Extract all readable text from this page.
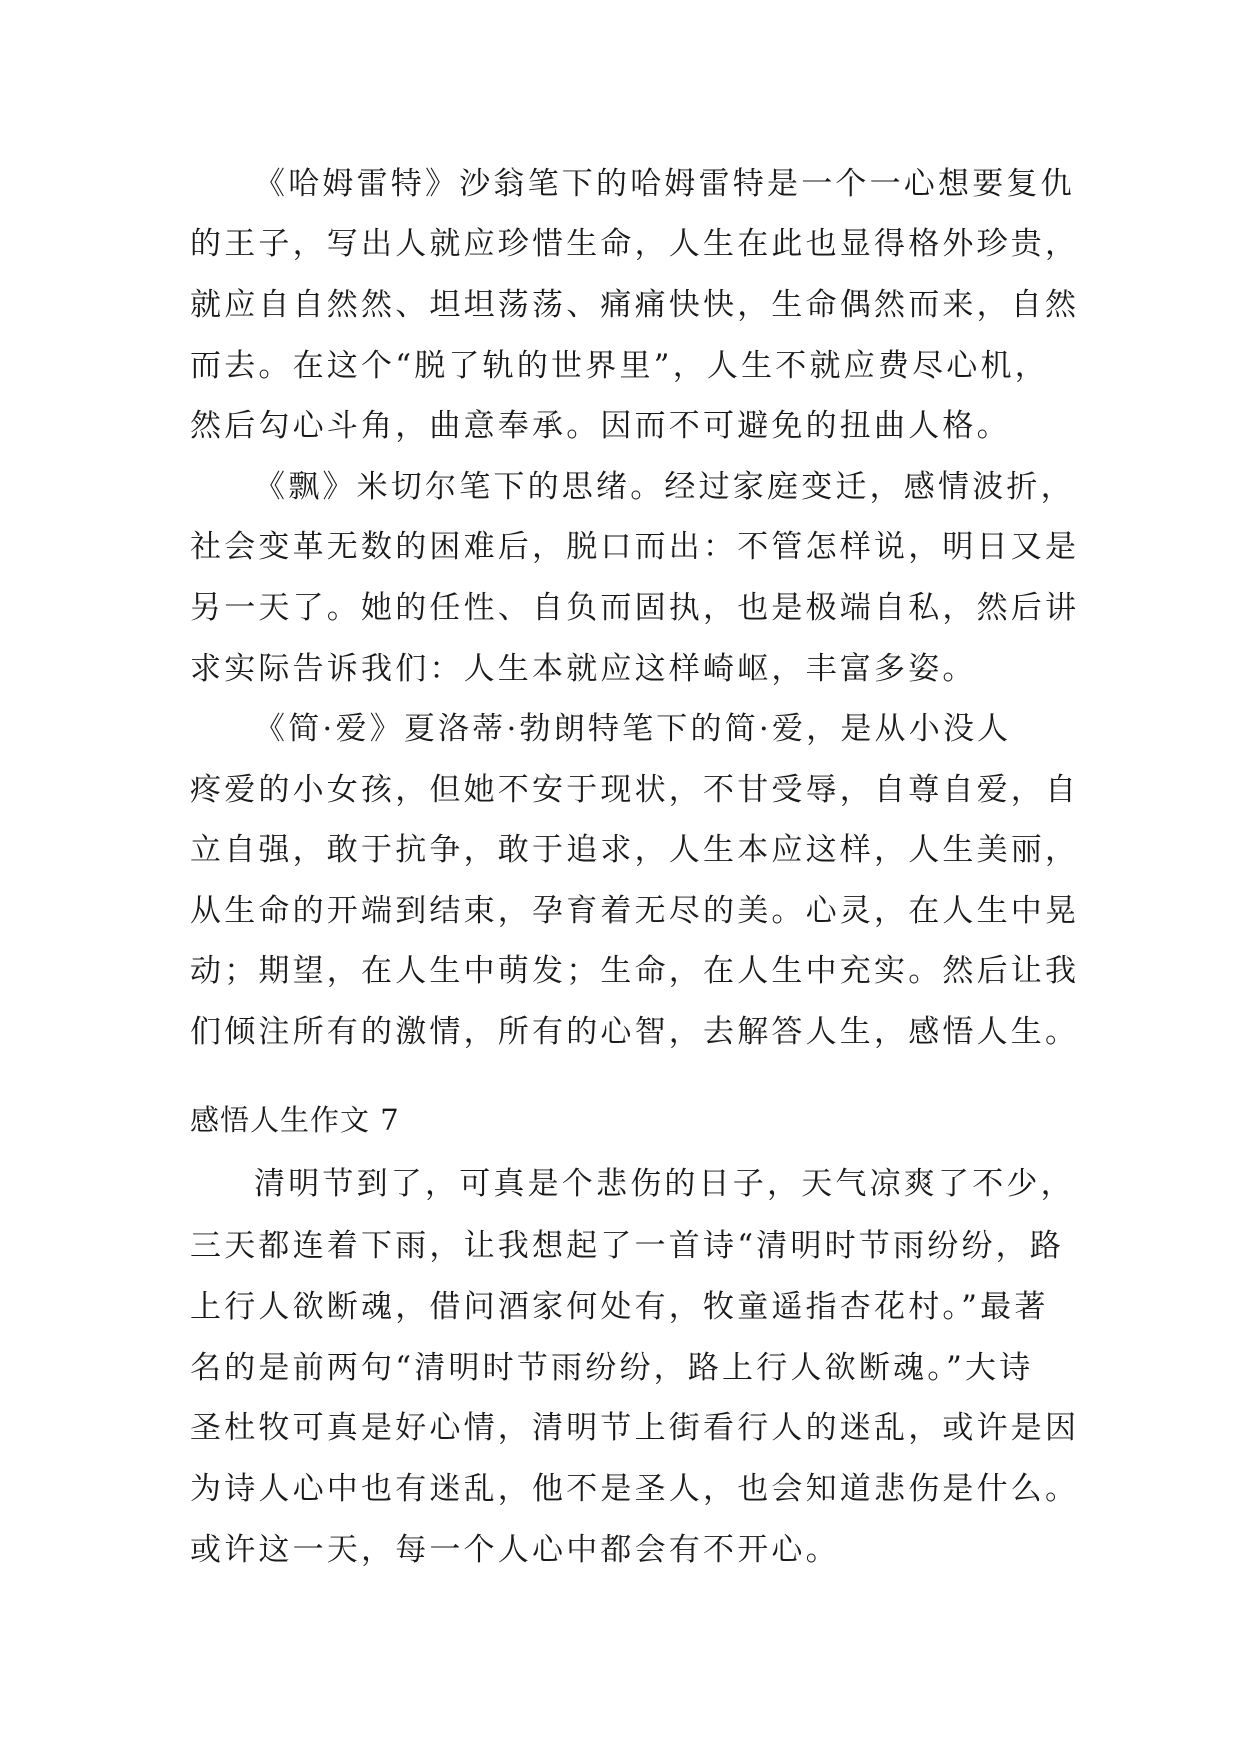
《哈姆雷特》沙翁笔下的哈姆雷特是一个一心想要复仇
的王子，写出人就应珍惜生命，人生在此也显得格外珍贵，
就应自自然然、坦坦荡荡、痛痛快快，生命偶然而来，自然
而去。在这个“脱了轨的世界里”，人生不就应费尽心机，
然后勾心斗角，曲意奉承。因而不可避免的扭曲人格。
《飘》米切尔笔下的思绪。经过家庭变迁，感情波折，
社会变革无数的困难后，脱口而出：不管怎样说，明日又是
另一天了。她的任性、自负而固执，也是极端自私，然后讲
求实际告诉我们：人生本就应这样崎岖，丰富多姿。
《简·爱》夏洛蒂·勃朗特笔下的简·爱，是从小没人
疼爱的小女孩，但她不安于现状，不甘受辱，自尊自爱，自
立自强，敢于抗争，敢于追求，人生本应这样，人生美丽，
从生命的开端到结束，孕育着无尽的美。心灵，在人生中晃
动；期望，在人生中萌发；生命，在人生中充实。然后让我
们倾注所有的激情，所有的心智，去解答人生，感悟人生。
感悟人生作文 7
清明节到了，可真是个悲伤的日子，天气凉爽了不少，
三天都连着下雨，让我想起了一首诗“清明时节雨纷纷，路
上行人欲断魂，借问酒家何处有，牧童遥指杏花村。”最著
名的是前两句“清明时节雨纷纷，路上行人欲断魂。”大诗
圣杜牧可真是好心情，清明节上街看行人的迷乱，或许是因
为诗人心中也有迷乱，他不是圣人，也会知道悲伤是什么。
或许这一天，每一个人心中都会有不开心。
